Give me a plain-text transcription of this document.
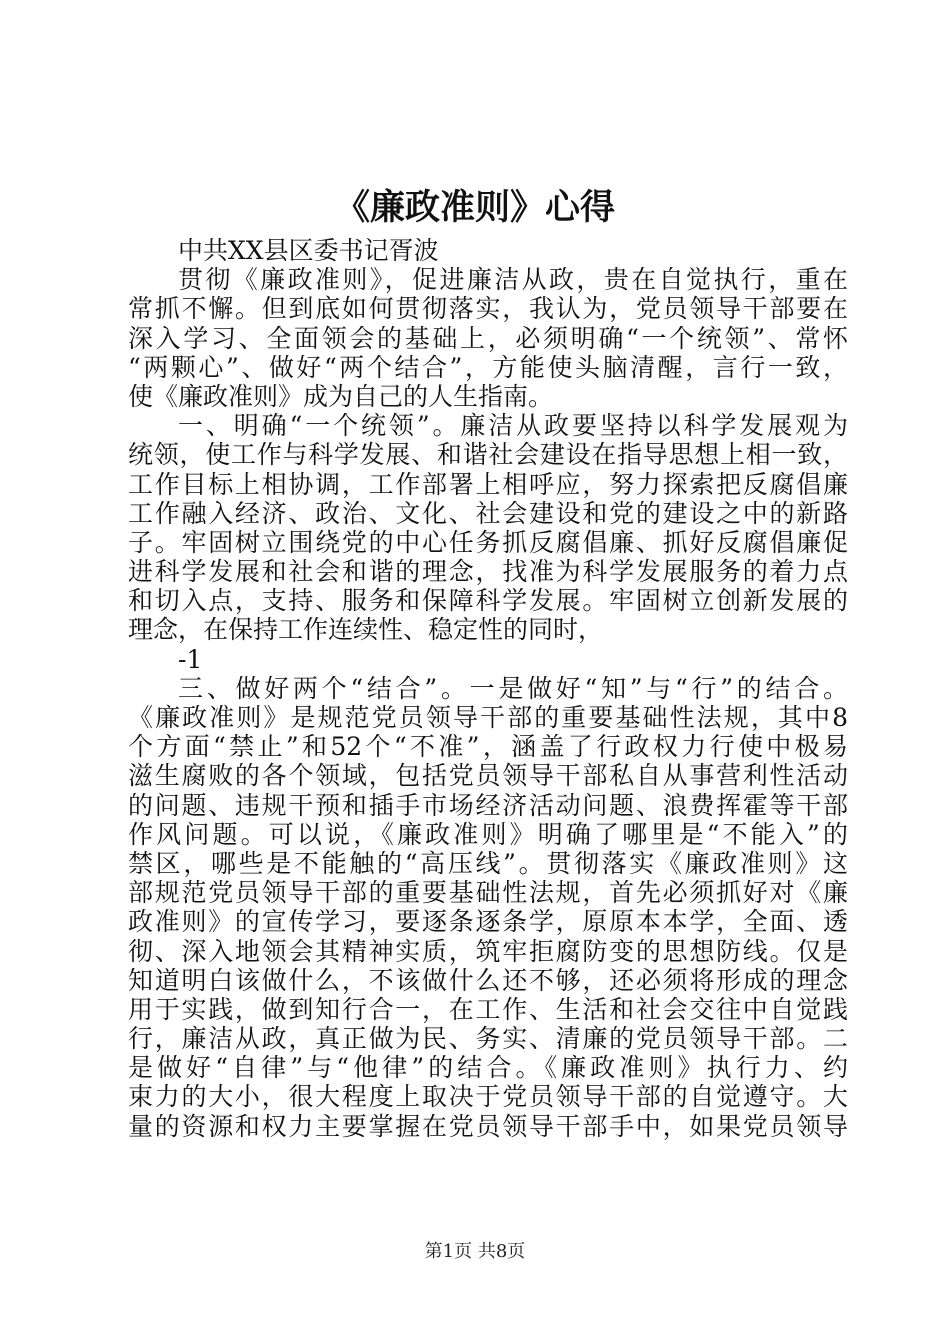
《廉政准则》心得
中共XX县区委书记胥波
贯彻《廉政准则》，促进廉洁从政，贵在自觉执行，重在
常抓不懈。但到底如何贯彻落实，我认为，党员领导干部要在
深入学习、全面领会的基础上，必须明确“一个统领”、常怀
“两颗心”、做好“两个结合”，方能使头脑清醒，言行一致，
使《廉政准则》成为自己的人生指南。
一、明确“一个统领”。廉洁从政要坚持以科学发展观为
统领，使工作与科学发展、和谐社会建设在指导思想上相一致，
工作目标上相协调，工作部署上相呼应，努力探索把反腐倡廉
工作融入经济、政治、文化、社会建设和党的建设之中的新路
子。牢固树立围绕党的中心任务抓反腐倡廉、抓好反腐倡廉促
进科学发展和社会和谐的理念，找准为科学发展服务的着力点
和切入点，支持、服务和保障科学发展。牢固树立创新发展的
理念，在保持工作连续性、稳定性的同时，
-1
三、做好两个“结合”。一是做好“知”与“行”的结合。
《廉政准则》是规范党员领导干部的重要基础性法规，其中8
个方面“禁止”和52个“不准”，涵盖了行政权力行使中极易
滋生腐败的各个领域，包括党员领导干部私自从事营利性活动
的问题、违规干预和插手市场经济活动问题、浪费挥霍等干部
作风问题。可以说，《廉政准则》明确了哪里是“不能入”的
禁区，哪些是不能触的“高压线”。贯彻落实《廉政准则》这
部规范党员领导干部的重要基础性法规，首先必须抓好对《廉
政准则》的宣传学习，要逐条逐条学，原原本本学，全面、透
彻、深入地领会其精神实质，筑牢拒腐防变的思想防线。仅是
知道明白该做什么，不该做什么还不够，还必须将形成的理念
用于实践，做到知行合一，在工作、生活和社会交往中自觉践
行，廉洁从政，真正做为民、务实、清廉的党员领导干部。二
是做好“自律”与“他律”的结合。《廉政准则》执行力、约
束力的大小，很大程度上取决于党员领导干部的自觉遵守。大
量的资源和权力主要掌握在党员领导干部手中，如果党员领导
第1页 共8页
